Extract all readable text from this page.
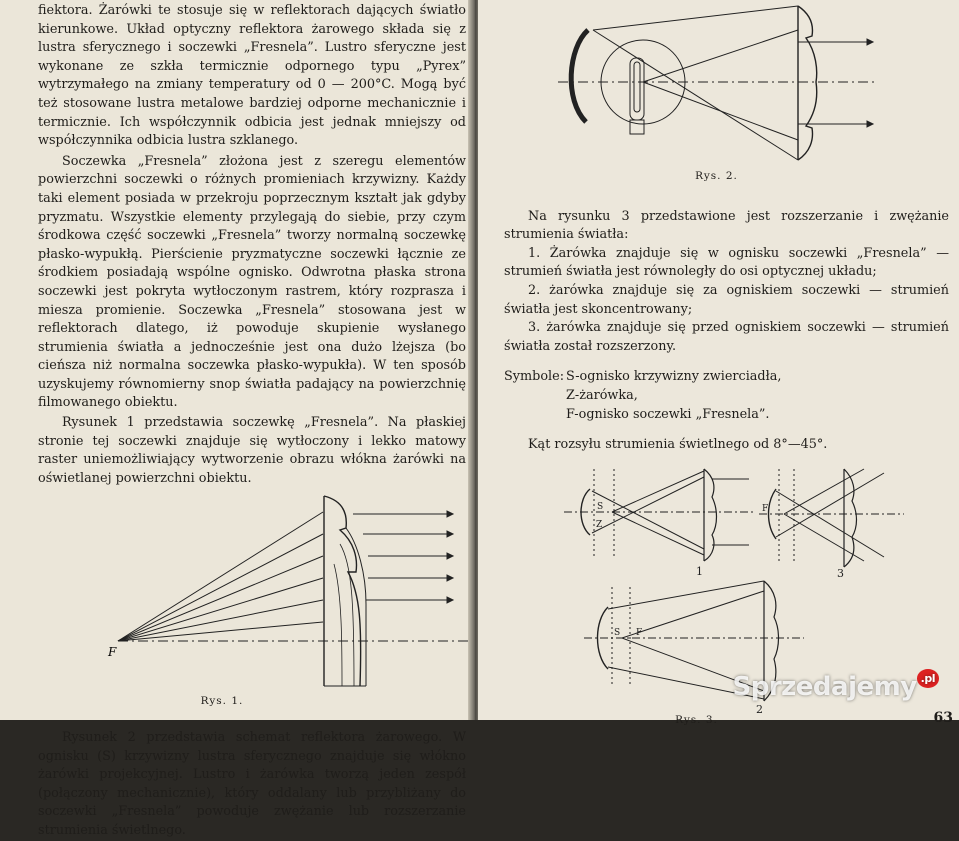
fiektora. Żarówki te stosuje się w reflektorach dających światło kierunkowe. Układ optyczny reflektora żarowego składa się z lustra sferycznego i soczewki „Fresnela”. Lustro sferyczne jest wykonane ze szkła termicznie odpornego typu „Pyrex” wytrzymałego na zmiany temperatury od 0 — 200°C. Mogą być też stosowane lustra metalowe bardziej odporne mechanicznie i termicznie. Ich współczynnik odbicia jest jednak mniejszy od współczynnika odbicia lustra szklanego.

Soczewka „Fresnela” złożona jest z szeregu elementów powierzchni soczewki o różnych promieniach krzywizny. Każdy taki element posiada w przekroju poprzecznym kształt jak gdyby pryzmatu. Wszystkie elementy przylegają do siebie, przy czym środkowa część soczewki „Fresnela” tworzy normalną soczewkę płasko-wypukłą. Pierścienie pryzmatyczne soczewki łącznie ze środkiem posiadają wspólne ognisko. Odwrotna płaska strona soczewki jest pokryta wytłoczonym rastrem, który rozprasza i miesza promienie. Soczewka „Fresnela” stosowana jest w reflektorach dlatego, iż powoduje skupienie wysłanego strumienia światła a jednocześnie jest ona dużo lżejsza (bo cieńsza niż normalna soczewka płasko-wypukła). W ten sposób uzyskujemy równomierny snop światła padający na powierzchnię filmowanego obiektu.

Rysunek 1 przedstawia soczewkę „Fresnela”. Na płaskiej stronie tej soczewki znajduje się wytłoczony i lekko matowy raster uniemożliwiający wytworzenie obrazu włókna żarówki na oświetlanej powierzchni obiektu.

F

Rys. 1.

Rysunek 2 przedstawia schemat reflektora żarowego. W ognisku (S) krzywizny lustra sferycznego znajduje się włókno żarówki projekcyjnej. Lustro i żarówka tworzą jeden zespół (połączony mechanicznie), który oddalany lub przybliżany do soczewki „Fresnela” powoduje zwężanie lub rozszerzanie strumienia świetlnego.

Rys. 2.

Na rysunku 3 przedstawione jest rozszerzanie i zwężanie strumienia światła:

1. Żarówka znajduje się w ognisku soczewki „Fresnela” — strumień światła jest równoległy do osi optycznej układu;

2. żarówka znajduje się za ogniskiem soczewki — strumień światła jest skoncentrowany;

3. żarówka znajduje się przed ogniskiem soczewki — strumień światła został rozszerzony.

Symbole: S-ognisko krzywizny zwierciadła,
Z-żarówka,
F-ognisko soczewki „Fresnela”.

Kąt rozsyłu strumienia świetlnego od 8°—45°.

S
Z
F
S F
1	3
2

Rys. 3.	63
Sprzedajemy $^{.pl}$
